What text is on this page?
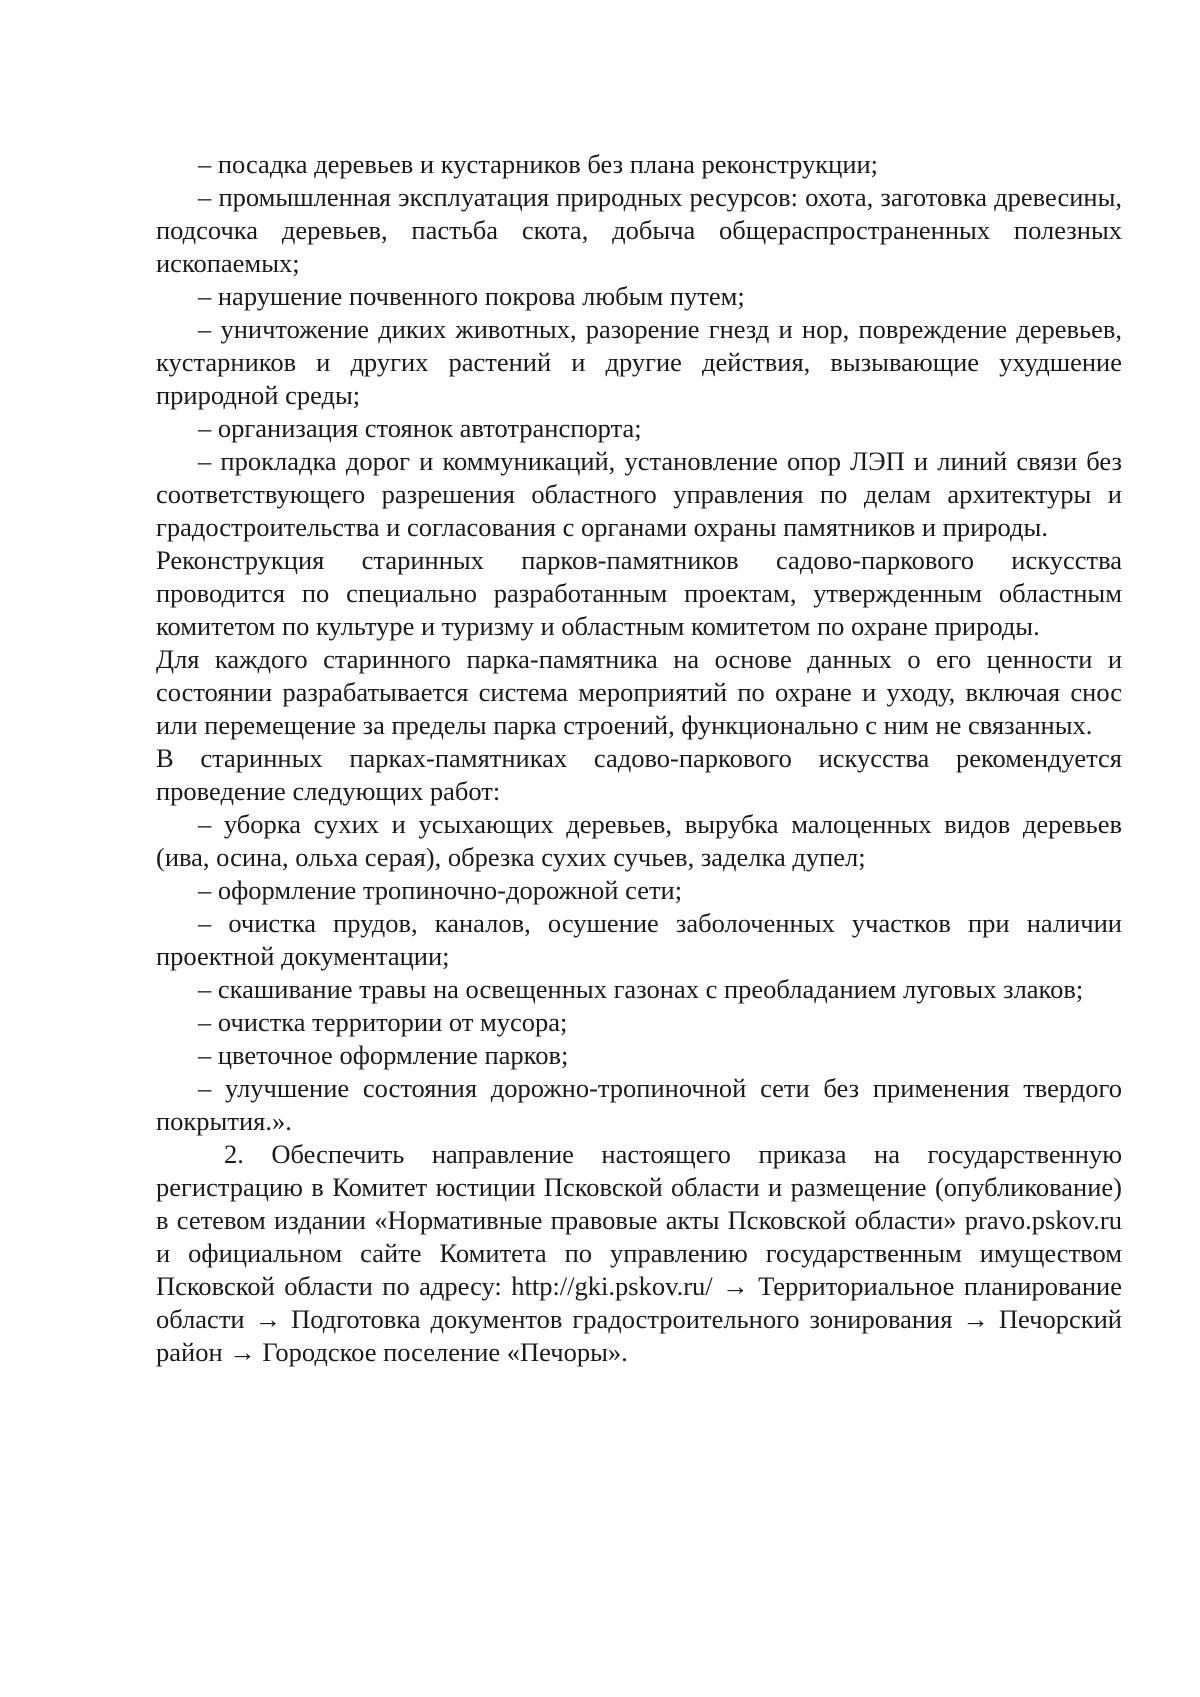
– посадка деревьев и кустарников без плана реконструкции;

– промышленная эксплуатация природных ресурсов: охота, заготовка древесины, подсочка деревьев, пастьба скота, добыча общераспространенных полезных ископаемых;

– нарушение почвенного покрова любым путем;

– уничтожение диких животных, разорение гнезд и нор, повреждение деревьев, кустарников и других растений и другие действия, вызывающие ухудшение природной среды;

– организация стоянок автотранспорта;

– прокладка дорог и коммуникаций, установление опор ЛЭП и линий связи без соответствующего разрешения областного управления по делам архитектуры и градостроительства и согласования с органами охраны памятников и природы.

Реконструкция старинных парков-памятников садово-паркового искусства проводится по специально разработанным проектам, утвержденным областным комитетом по культуре и туризму и областным комитетом по охране природы.

Для каждого старинного парка-памятника на основе данных о его ценности и состоянии разрабатывается система мероприятий по охране и уходу, включая снос или перемещение за пределы парка строений, функционально с ним не связанных.

В старинных парках-памятниках садово-паркового искусства рекомендуется проведение следующих работ:

– уборка сухих и усыхающих деревьев, вырубка малоценных видов деревьев (ива, осина, ольха серая), обрезка сухих сучьев, заделка дупел;

– оформление тропиночно-дорожной сети;

– очистка прудов, каналов, осушение заболоченных участков при наличии проектной документации;

– скашивание травы на освещенных газонах с преобладанием луговых злаков;

– очистка территории от мусора;

– цветочное оформление парков;

– улучшение состояния дорожно-тропиночной сети без применения твердого покрытия.».

2. Обеспечить направление настоящего приказа на государственную регистрацию в Комитет юстиции Псковской области и размещение (опубликование) в сетевом издании «Нормативные правовые акты Псковской области» pravo.pskov.ru и официальном сайте Комитета по управлению государственным имуществом Псковской области по адресу: http://gki.pskov.ru/ → Территориальное планирование области → Подготовка документов градостроительного зонирования → Печорский район → Городское поселение «Печоры».
